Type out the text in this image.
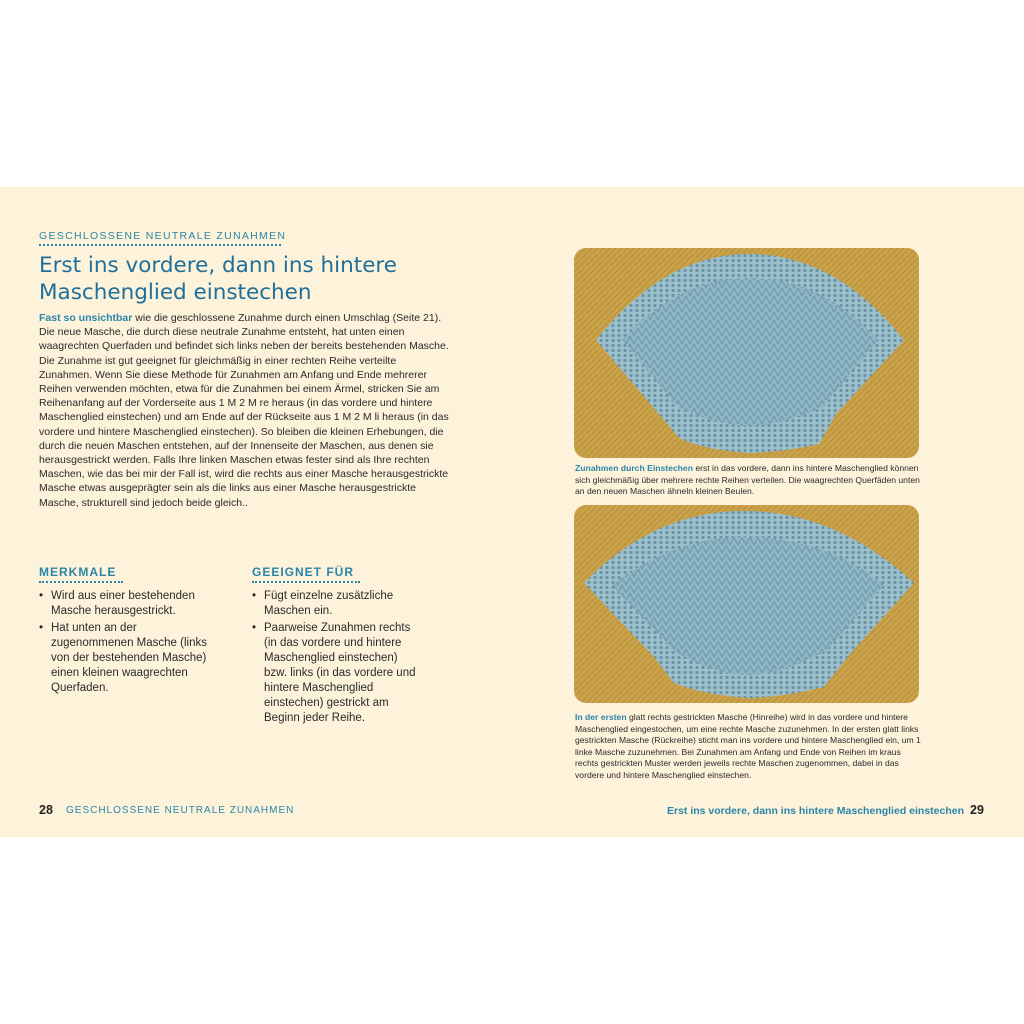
GESCHLOSSENE NEUTRALE ZUNAHMEN
Erst ins vordere, dann ins hintere
Maschenglied einstechen

Fast so unsichtbar wie die geschlossene Zunahme durch einen Umschlag (Seite 21). Die neue Masche, die durch diese neutrale Zunahme entsteht, hat unten einen waagrechten Querfaden und befindet sich links neben der bereits bestehenden Masche. Die Zunahme ist gut geeignet für gleichmäßig in einer rechten Reihe verteilte Zunahmen. Wenn Sie diese Methode für Zunahmen am Anfang und Ende mehrerer Reihen verwenden möchten, etwa für die Zunahmen bei einem Ärmel, stricken Sie am Reihenanfang auf der Vorderseite aus 1 M 2 M re heraus (in das vordere und hintere Maschenglied einstechen) und am Ende auf der Rückseite aus 1 M 2 M li heraus (in das vordere und hintere Maschenglied einstechen). So bleiben die kleinen Erhebungen, die durch die neuen Maschen entstehen, auf der Innenseite der Maschen, aus denen sie herausgestrickt werden. Falls Ihre linken Maschen etwas fester sind als Ihre rechten Maschen, wie das bei mir der Fall ist, wird die rechts aus einer Masche herausgestrickte Masche etwas ausgeprägter sein als die links aus einer Masche herausgestrickte Masche, strukturell sind jedoch beide gleich..

MERKMALE
• Wird aus einer bestehenden Masche herausgestrickt.
• Hat unten an der zugenommenen Masche (links von der bestehenden Masche) einen kleinen waagrechten Querfaden.
GEEIGNET FÜR
• Fügt einzelne zusätzliche Maschen ein.
• Paarweise Zunahmen rechts (in das vordere und hintere Maschenglied einstechen) bzw. links (in das vordere und hintere Maschenglied einstechen) gestrickt am Beginn jeder Reihe.
28 GESCHLOSSENE NEUTRALE ZUNAHMEN

Zunahmen durch Einstechen erst in das vordere, dann ins hintere Maschenglied können sich gleichmäßig über mehrere rechte Reihen verteilen. Die waagrechten Querfäden unten an den neuen Maschen ähneln kleinen Beulen.

In der ersten glatt rechts gestrickten Masche (Hinreihe) wird in das vordere und hintere Maschenglied eingestochen, um eine rechte Masche zuzunehmen. In der ersten glatt links gestrickten Masche (Rückreihe) sticht man ins vordere und hintere Maschenglied ein, um 1 linke Masche zuzunehmen. Bei Zunahmen am Anfang und Ende von Reihen im kraus rechts gestrickten Muster werden jeweils rechte Maschen zugenommen, dabei in das vordere und hintere Maschenglied einstechen.

Erst ins vordere, dann ins hintere Maschenglied einstechen 29
